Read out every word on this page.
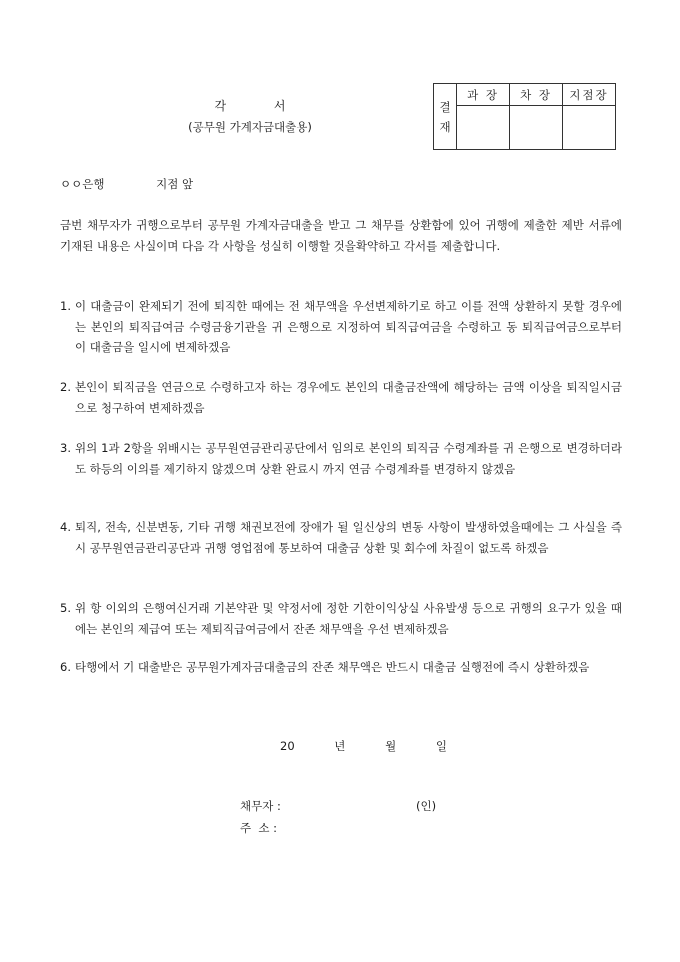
각 서
(공무원 가계자금대출용)
결
재	과 장	차 장	지점장

ㅇㅇ은행	지점 앞
금번 채무자가 귀행으로부터 공무원 가계자금대출을 받고 그 채무를 상환함에 있어 귀행에 제출한 제반 서류에 기재된 내용은 사실이며 다음 각 사항을 성실히 이행할 것을확약하고 각서를 제출합니다.
1. 이 대출금이 완제되기 전에 퇴직한 때에는 전 채무액을 우선변제하기로 하고 이를 전액 상환하지 못할 경우에는 본인의 퇴직급여금 수령금융기관을 귀 은행으로 지정하여 퇴직급여금을 수령하고 동 퇴직급여금으로부터 이 대출금을 일시에 변제하겠음
2. 본인이 퇴직금을 연금으로 수령하고자 하는 경우에도 본인의 대출금잔액에 해당하는 금액 이상을 퇴직일시금으로 청구하여 변제하겠음
3. 위의 1과 2항을 위배시는 공무원연금관리공단에서 임의로 본인의 퇴직금 수령계좌를 귀 은행으로 변경하더라도 하등의 이의를 제기하지 않겠으며 상환 완료시 까지 연금 수령계좌를 변경하지 않겠음
4. 퇴직, 전속, 신분변동, 기타 귀행 채권보전에 장애가 될 일신상의 변동 사항이 발생하였을때에는 그 사실을 즉시 공무원연금관리공단과 귀행 영업점에 통보하여 대출금 상환 및 회수에 차질이 없도록 하겠음
5. 위 항 이외의 은행여신거래 기본약관 및 약정서에 정한 기한이익상실 사유발생 등으로 귀행의 요구가 있을 때에는 본인의 제급여 또는 제퇴직급여금에서 잔존 채무액을 우선 변제하겠음
6. 타행에서 기 대출받은 공무원가계자금대출금의 잔존 채무액은 반드시 대출금 실행전에 즉시 상환하겠음
20	년	월	일
채무자 :	(인)
주  소 :
